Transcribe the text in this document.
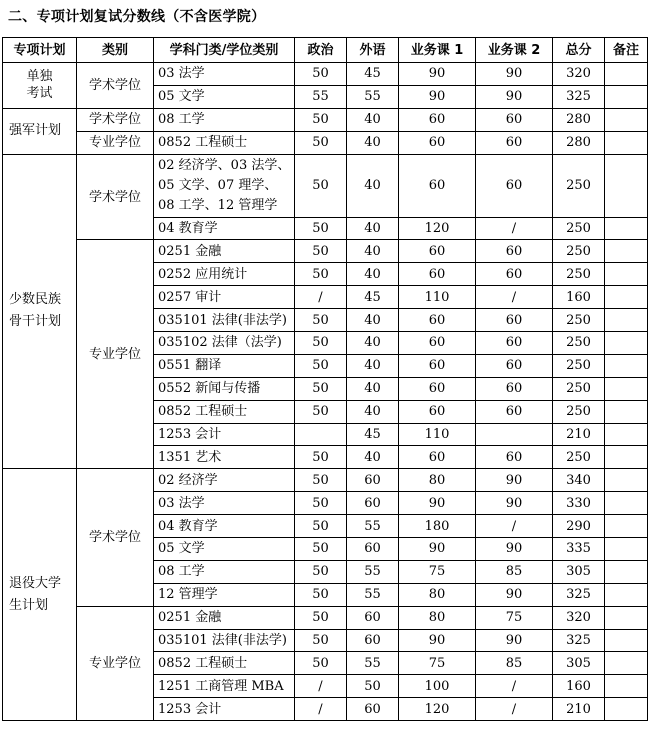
二、专项计划复试分数线（不含医学院）
专项计划	类别	学科门类/学位类别	政治	外语	业务课 1	业务课 2	总分	备注
单独
考试	学术学位	03 法学	50	45	90	90	320	
		05 文学	55	55	90	90	325	
强军计划	学术学位	08 工学	50	40	60	60	280	
	专业学位	0852 工程硕士	50	40	60	60	280	
少数民族骨干计划	学术学位	02 经济学、03 法学、05 文学、07 理学、08 工学、12 管理学	50	40	60	60	250	
		04 教育学	50	40	120	/	250	
	专业学位	0251 金融	50	40	60	60	250	
		0252 应用统计	50	40	60	60	250	
		0257 审计	/	45	110	/	160	
		035101 法律(非法学)	50	40	60	60	250	
		035102 法律（法学)	50	40	60	60	250	
		0551 翻译	50	40	60	60	250	
		0552 新闻与传播	50	40	60	60	250	
		0852 工程硕士	50	40	60	60	250	
		1253 会计		45	110		210	
		1351 艺术	50	40	60	60	250	
退役大学生计划	学术学位	02 经济学	50	60	80	90	340	
		03 法学	50	60	90	90	330	
		04 教育学	50	55	180	/	290	
		05 文学	50	60	90	90	335	
		08 工学	50	55	75	85	305	
		12 管理学	50	55	80	90	325	
	专业学位	0251 金融	50	60	80	75	320	
		035101 法律(非法学)	50	60	90	90	325	
		0852 工程硕士	50	55	75	85	305	
		1251 工商管理 MBA	/	50	100	/	160	
		1253 会计	/	60	120	/	210	
